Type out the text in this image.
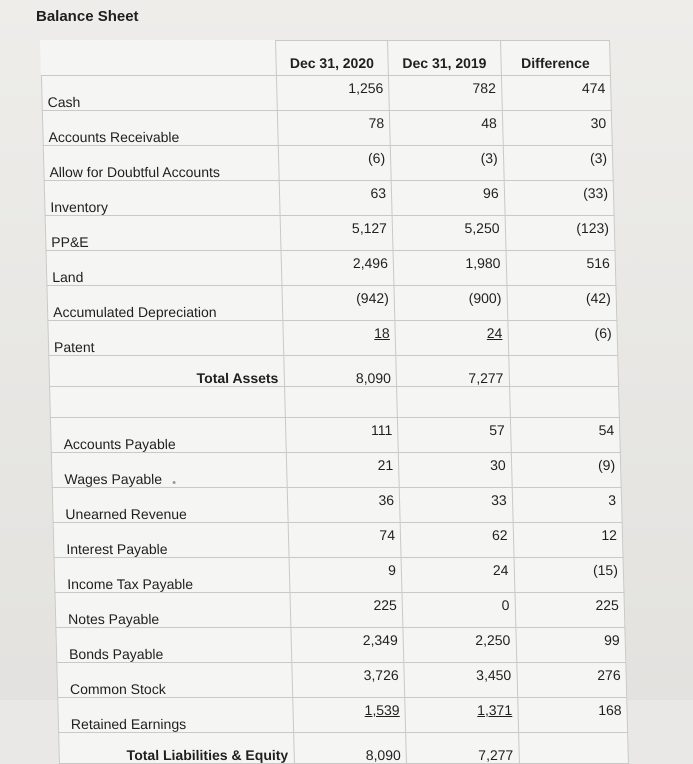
Balance Sheet
	Dec 31, 2020	Dec 31, 2019	Difference
Cash	1,256	782	474
Accounts Receivable	78	48	30
Allow for Doubtful Accounts	(6)	(3)	(3)
Inventory	63	96	(33)
PP&E	5,127	5,250	(123)
Land	2,496	1,980	516
Accumulated Depreciation	(942)	(900)	(42)
Patent	18	24	(6)
Total Assets	8,090	7,277	

Accounts Payable	111	57	54
Wages Payable	21	30	(9)
Unearned Revenue	36	33	3
Interest Payable	74	62	12
Income Tax Payable	9	24	(15)
Notes Payable	225	0	225
Bonds Payable	2,349	2,250	99
Common Stock	3,726	3,450	276
Retained Earnings	1,539	1,371	168
Total Liabilities & Equity	8,090	7,277	
